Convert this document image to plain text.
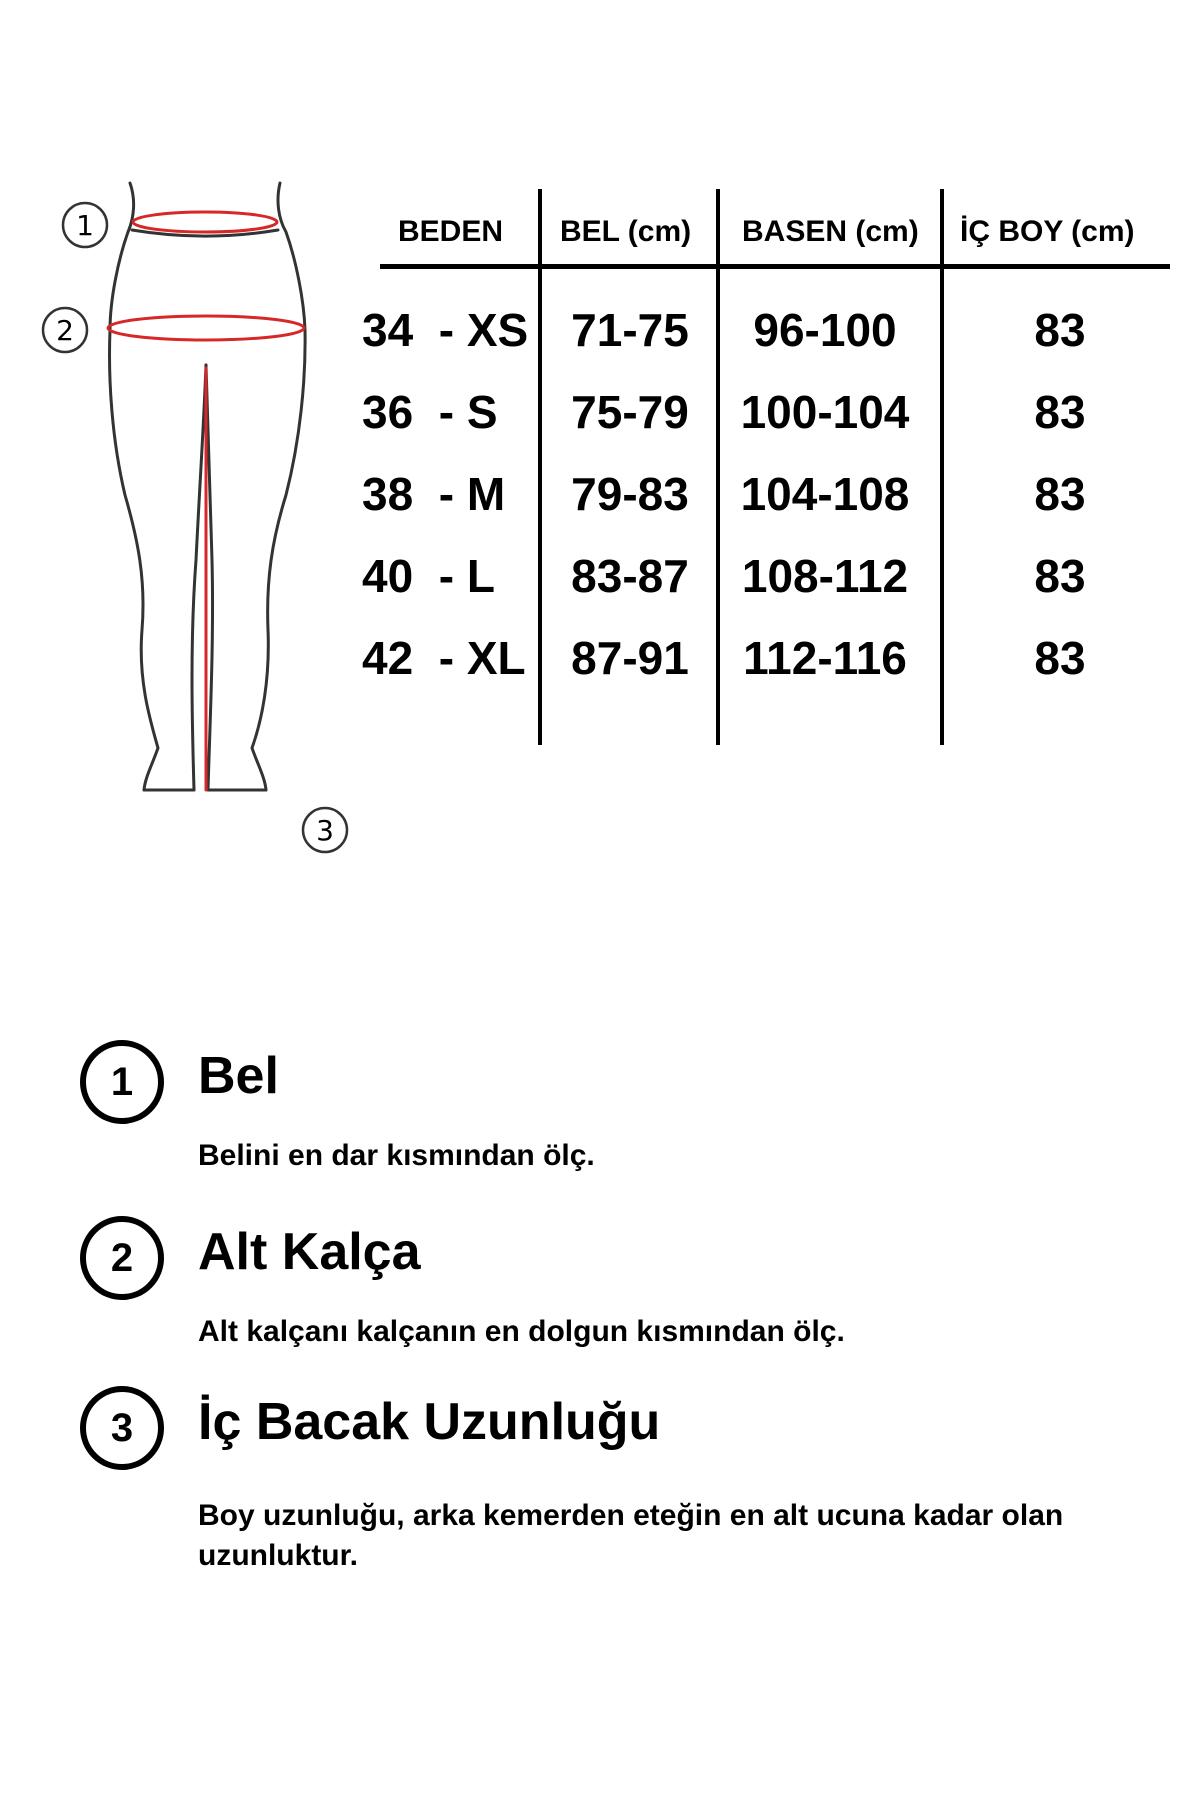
1
2
3
BEDEN BEL (cm) BASEN (cm) İÇ BOY (cm)
34  - XS 71-75	96-100	83
36  - S 75-79 100-104	83
38  - M 79-83 104-108	83
40  - L 83-87 108-112	83
42  - XL 87-91 112-116	83
1	Bel
Belini en dar kısmından ölç.
2	Alt Kalça
Alt kalçanı kalçanın en dolgun kısmından ölç.
3	İç Bacak Uzunluğu
Boy uzunluğu, arka kemerden eteğin en alt ucuna kadar olan uzunluktur.
